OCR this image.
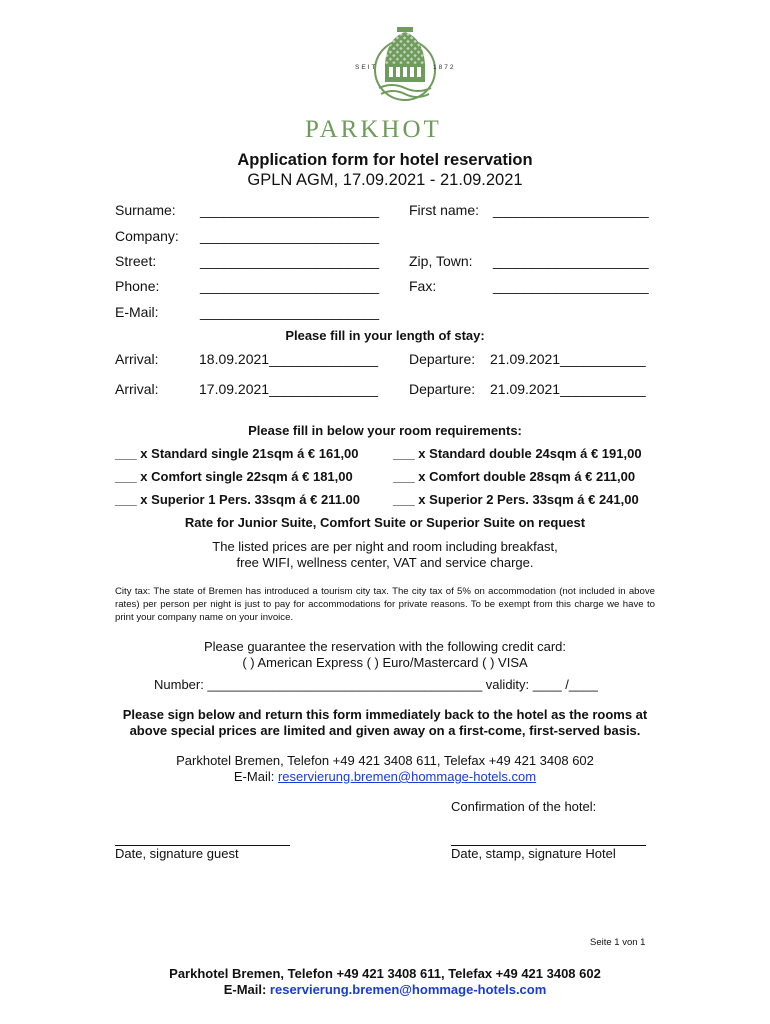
SEIT	1872
PARKHOT
Application form for hotel reservation
GPLN AGM, 17.09.2021 - 21.09.2021
Surname: _______________________ First name: ____________________
Company: _______________________
Street:	_______________________ Zip, Town: ____________________
Phone:	_______________________ Fax:	____________________
E-Mail:	_______________________
Please fill in your length of stay:
Arrival:	18.09.2021______________ Departure: 21.09.2021___________
Arrival:	17.09.2021______________ Departure: 21.09.2021___________
Please fill in below your room requirements:
___ x Standard single 21sqm á € 161,00	___ x Standard double 24sqm á € 191,00
___ x Comfort single 22sqm á € 181,00	___ x Comfort double 28sqm á € 211,00
___ x Superior 1 Pers. 33sqm á € 211.00	___ x Superior 2 Pers. 33sqm á € 241,00
Rate for Junior Suite, Comfort Suite or Superior Suite on request
The listed prices are per night and room including breakfast,
free WIFI, wellness center, VAT and service charge.
City tax: The state of Bremen has introduced a tourism city tax. The city tax of 5% on accommodation (not included in above rates) per person per night is just to pay for accommodations for private reasons. To be exempt from this charge we have to print your company name on your invoice.
Please guarantee the reservation with the following credit card:
( ) American Express ( ) Euro/Mastercard ( ) VISA
Number: ______________________________________ validity: ____ /____
Please sign below and return this form immediately back to the hotel as the rooms at
above special prices are limited and given away on a first-come, first-served basis.
Parkhotel Bremen, Telefon +49 421 3408 611, Telefax +49 421 3408 602
E-Mail: reservierung.bremen@hommage-hotels.com
Confirmation of the hotel:
Date, signature guest	Date, stamp, signature Hotel
Seite 1 von 1
Parkhotel Bremen, Telefon +49 421 3408 611, Telefax +49 421 3408 602
E-Mail: reservierung.bremen@hommage-hotels.com
